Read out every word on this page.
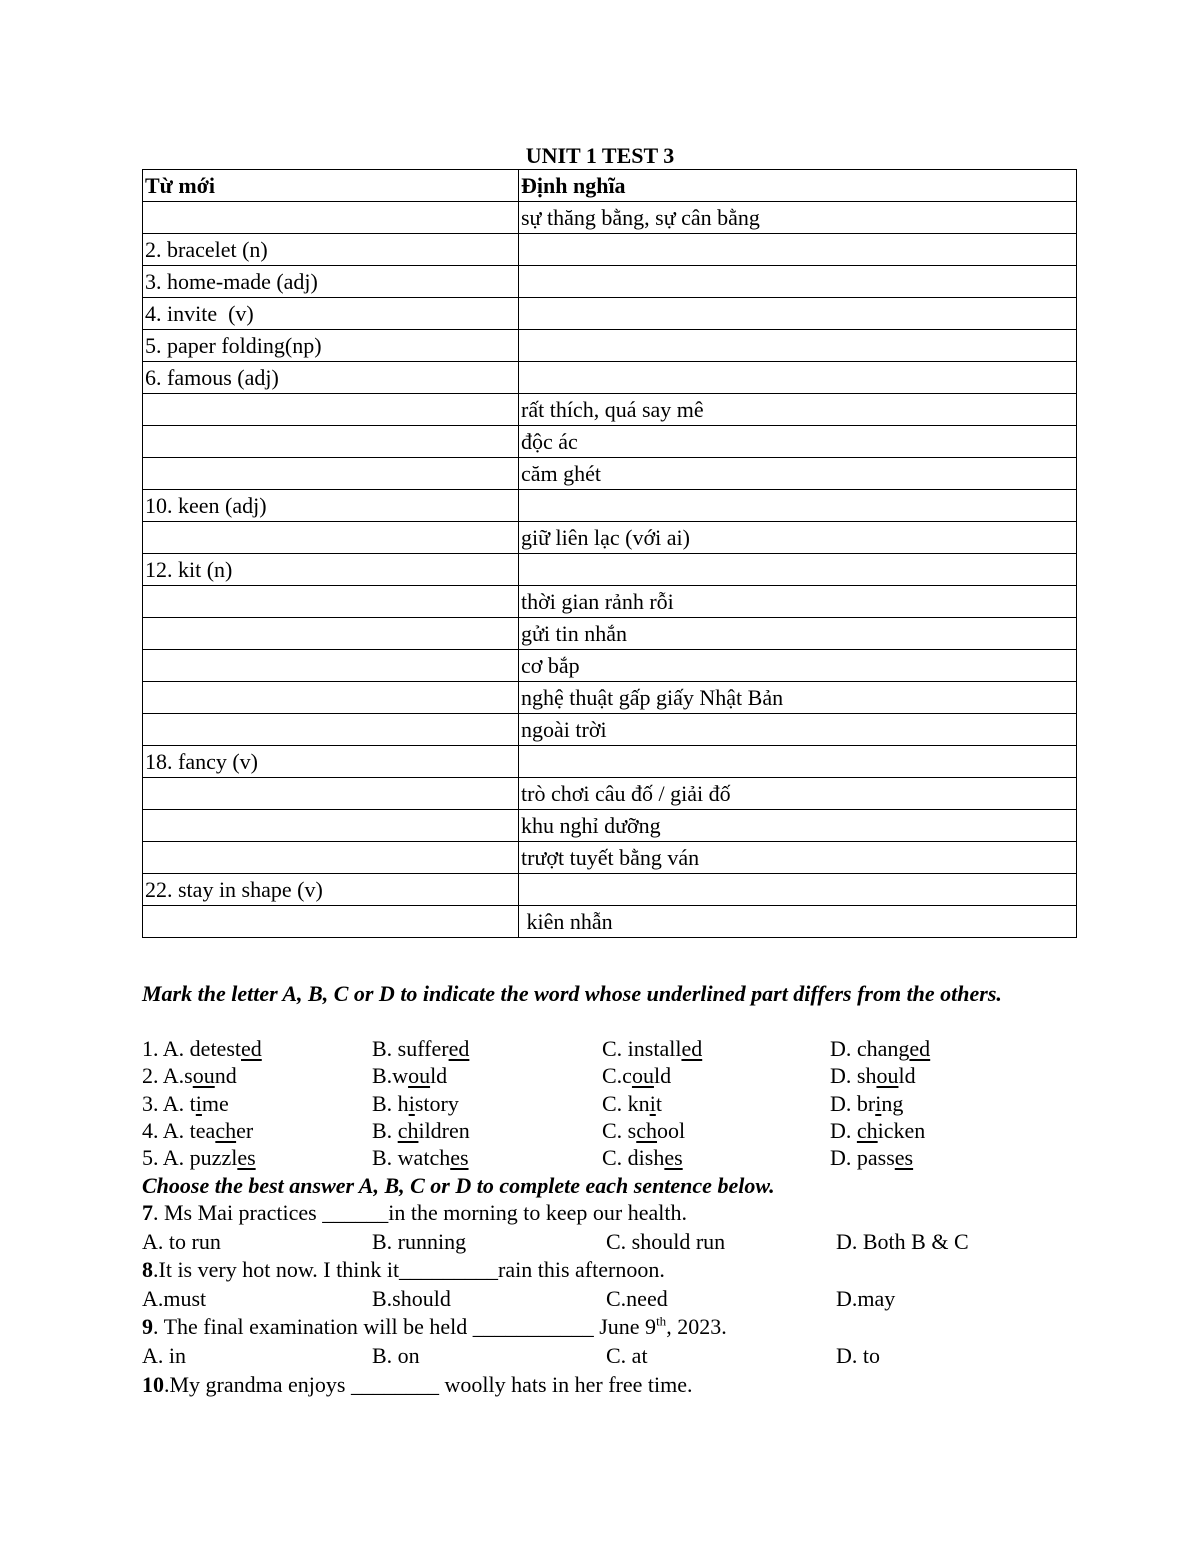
UNIT 1 TEST 3
Từ mới	Định nghĩa
	sự thăng bằng, sự cân bằng
2. bracelet (n)	
3. home-made (adj)	
4. invite  (v)	
5. paper folding(np)	
6. famous (adj)	
	rất thích, quá say mê
	độc ác
	căm ghét
10. keen (adj)	
	giữ liên lạc (với ai)
12. kit (n)	
	thời gian rảnh rỗi
	gửi tin nhắn
	cơ bắp
	nghệ thuật gấp giấy Nhật Bản
	ngoài trời
18. fancy (v)	
	trò chơi câu đố / giải đố
	khu nghỉ dưỡng
	trượt tuyết bằng ván
22. stay in shape (v)	
	kiên nhẫn
Mark the letter A, B, C or D to indicate the word whose underlined part differs from the others.
1. A. detested	B. suffered	C. installed	D. changed
2. A.sound	B.would	C.could	D. should
3. A. time	B. history	C. knit	D. bring
4. A. teacher	B. children	C. school	D. chicken
5. A. puzzles	B. watches	C. dishes	D. passes
Choose the best answer A, B, C or D to complete each sentence below.
7. Ms Mai practices ______in the morning to keep our health.
A. to run	B. running	C. should run	D. Both B & C
8.It is very hot now. I think it_________rain this afternoon.
A.must	B.should	C.need	D.may
9. The final examination will be held ___________ June 9th, 2023.
A. in	B. on	C. at	D. to
10.My grandma enjoys ________ woolly hats in her free time.
